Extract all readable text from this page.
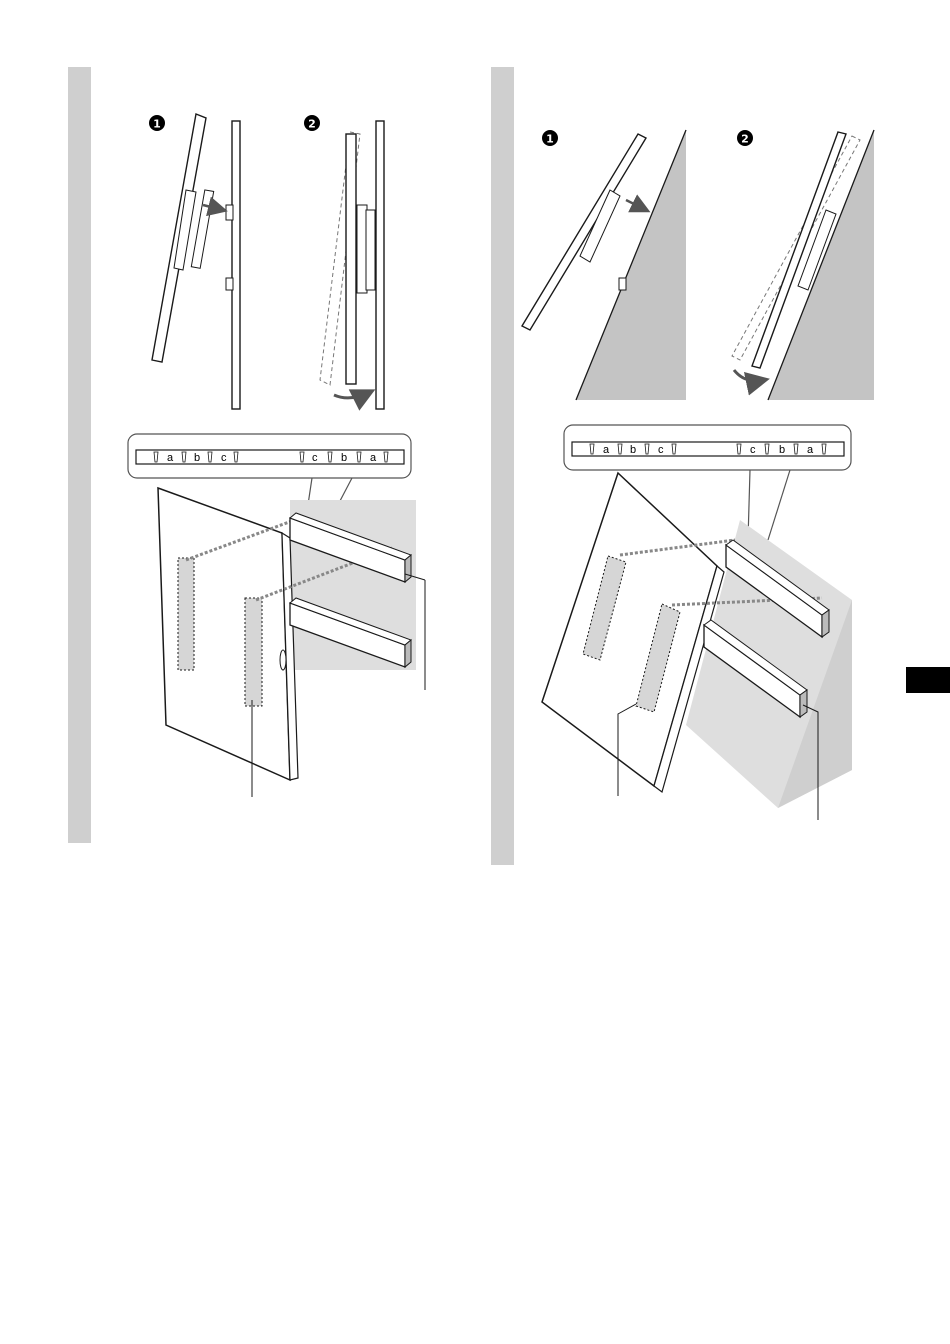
1	2
a b c	c b a
1	2
a b c	c b a
